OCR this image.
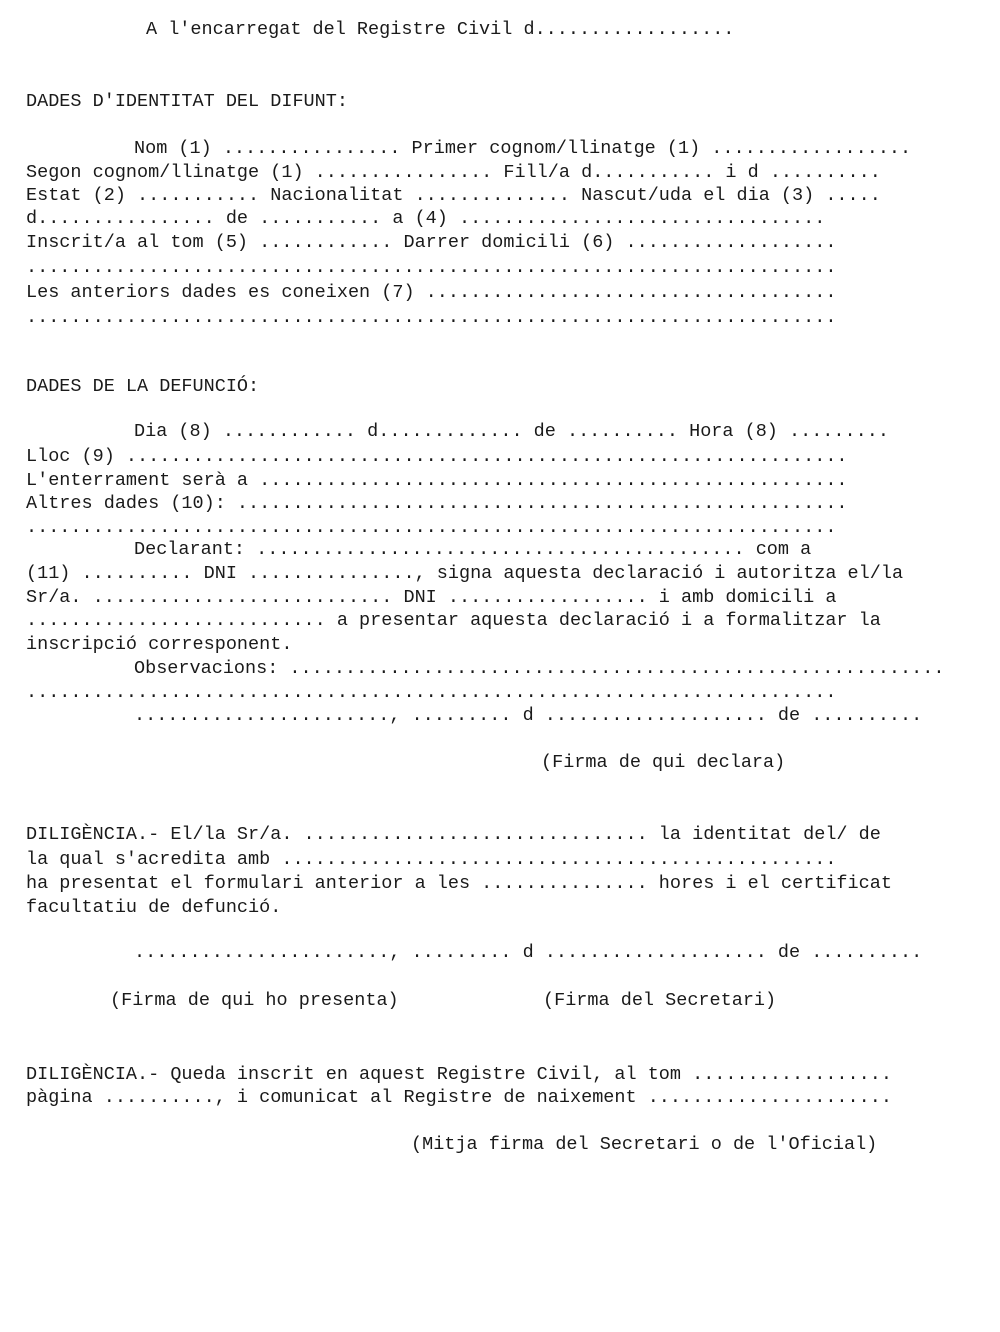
A l'encarregat del Registre Civil d..................
DADES D'IDENTITAT DEL DIFUNT:
Nom (1) ................ Primer cognom/llinatge (1) ..................
Segon cognom/llinatge (1) ................ Fill/a d........... i d ..........
Estat (2) ........... Nacionalitat .............. Nascut/uda el dia (3) .....
d................ de ........... a (4) .................................
Inscrit/a al tom (5) ............ Darrer domicili (6) ...................
.........................................................................
Les anteriors dades es coneixen (7) .....................................
.........................................................................
DADES DE LA DEFUNCIÓ:
Dia (8) ............ d............. de .......... Hora (8) .........
Lloc (9) .................................................................
L'enterrament serà a .....................................................
Altres dades (10): .......................................................
.........................................................................
Declarant: ............................................ com a
(11) .......... DNI ..............., signa aquesta declaració i autoritza el/la
Sr/a. ........................... DNI .................. i amb domicili a
........................... a presentar aquesta declaració i a formalitzar la
inscripció corresponent.
Observacions: ...........................................................
.........................................................................
......................., ......... d .................... de ..........
(Firma de qui declara)
DILIGÈNCIA.- El/la Sr/a. ............................... la identitat del/ de
la qual s'acredita amb ..................................................
ha presentat el formulari anterior a les ............... hores i el certificat
facultatiu de defunció.
......................., ......... d .................... de ..........
(Firma de qui ho presenta)	(Firma del Secretari)
DILIGÈNCIA.- Queda inscrit en aquest Registre Civil, al tom ..................
pàgina .........., i comunicat al Registre de naixement ......................
(Mitja firma del Secretari o de l'Oficial)
